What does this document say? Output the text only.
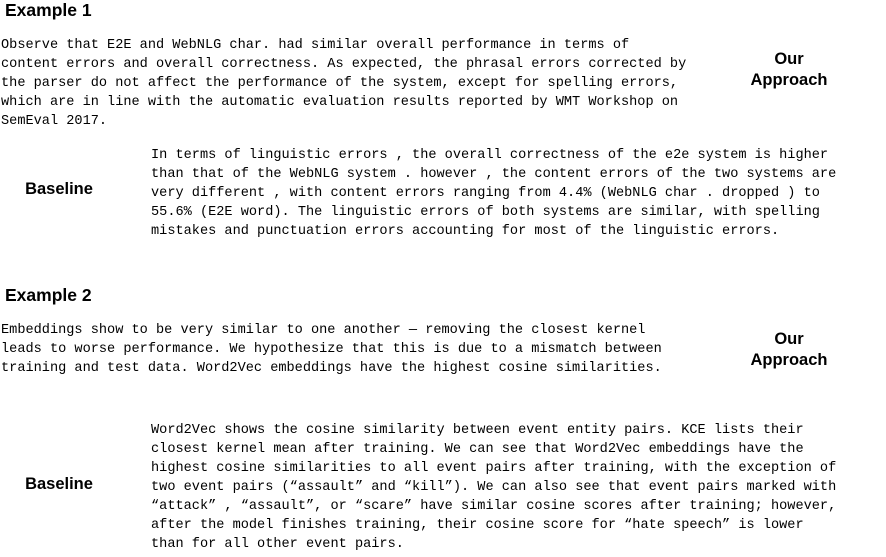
Example 1
Observe that E2E and WebNLG char. had similar overall performance in terms of
content errors and overall correctness. As expected, the phrasal errors corrected by
the parser do not affect the performance of the system, except for spelling errors,
which are in line with the automatic evaluation results reported by WMT Workshop on
SemEval 2017.
Our Approach
Baseline
In terms of linguistic errors , the overall correctness of the e2e system is higher
than that of the WebNLG system . however , the content errors of the two systems are
very different , with content errors ranging from 4.4% (WebNLG char . dropped ) to
55.6% (E2E word). The linguistic errors of both systems are similar, with spelling
mistakes and punctuation errors accounting for most of the linguistic errors.
Example 2
Embeddings show to be very similar to one another — removing the closest kernel
leads to worse performance. We hypothesize that this is due to a mismatch between
training and test data. Word2Vec embeddings have the highest cosine similarities.
Our Approach
Baseline
Word2Vec shows the cosine similarity between event entity pairs. KCE lists their
closest kernel mean after training. We can see that Word2Vec embeddings have the
highest cosine similarities to all event pairs after training, with the exception of
two event pairs (“assault” and “kill”). We can also see that event pairs marked with
“attack” , “assault”, or “scare” have similar cosine scores after training; however,
after the model finishes training, their cosine score for “hate speech” is lower
than for all other event pairs.
